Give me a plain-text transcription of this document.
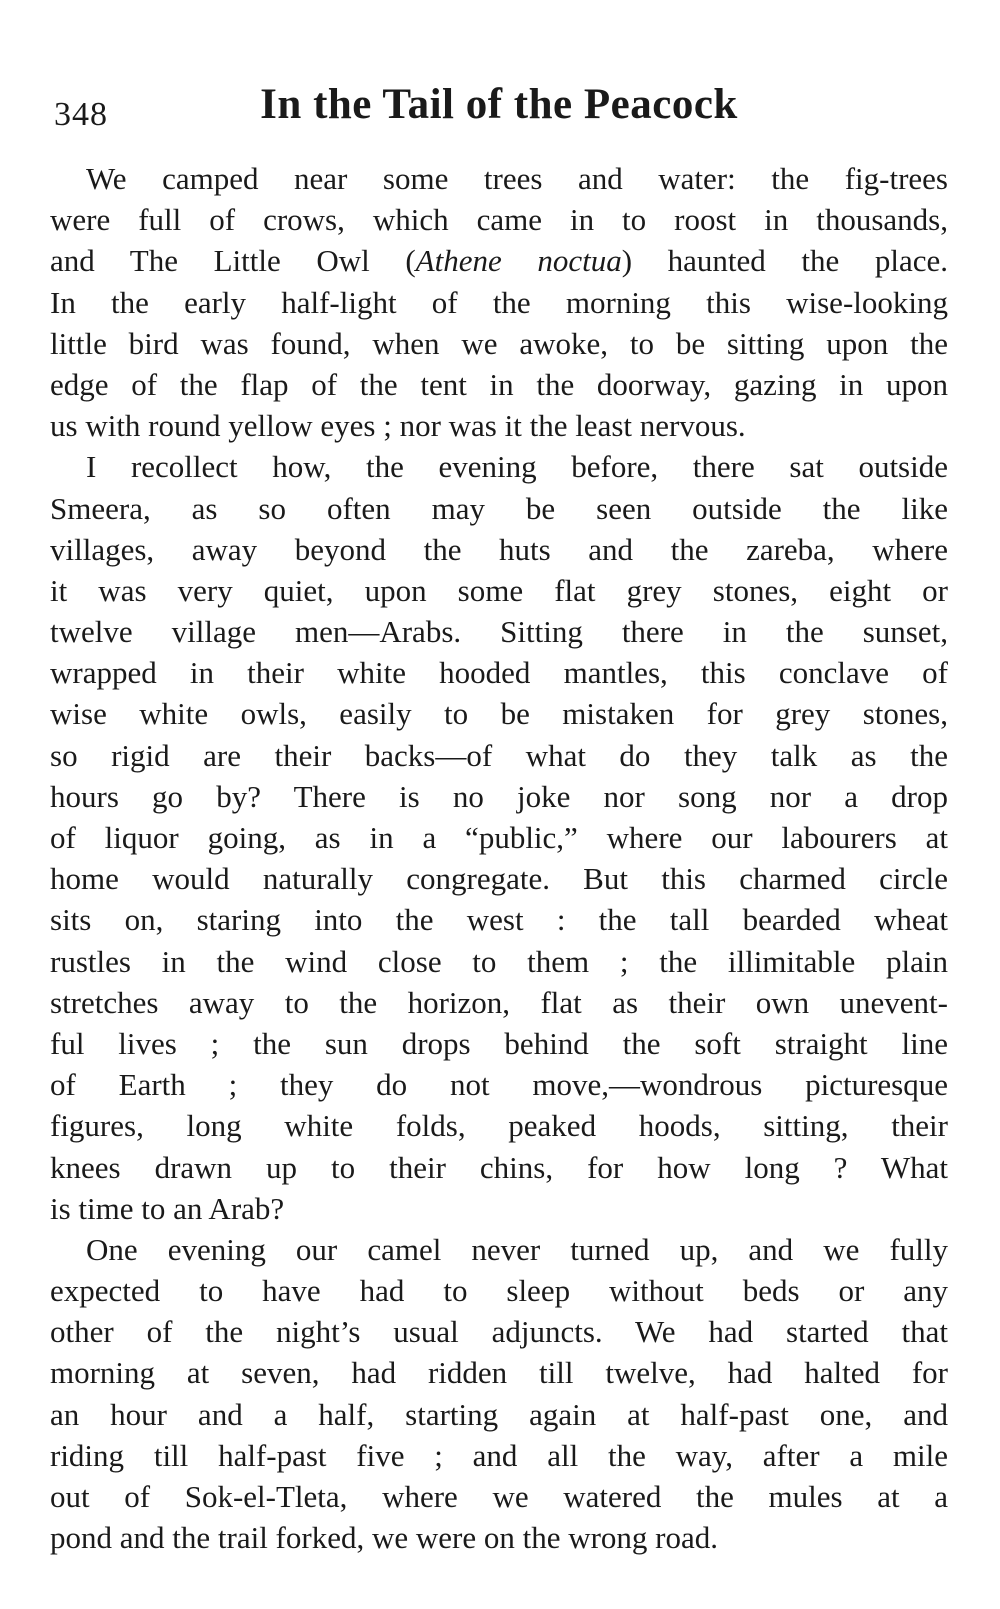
348	In the Tail of the Peacock
We camped near some trees and water: the fig-trees
were full of crows, which came in to roost in thousands,
and The Little Owl (Athene noctua) haunted the place.
In the early half-light of the morning this wise-looking
little bird was found, when we awoke, to be sitting upon the
edge of the flap of the tent in the doorway, gazing in upon
us with round yellow eyes ; nor was it the least nervous.
I recollect how, the evening before, there sat outside
Smeera, as so often may be seen outside the like
villages, away beyond the huts and the zareba, where
it was very quiet, upon some flat grey stones, eight or
twelve village men—Arabs. Sitting there in the sunset,
wrapped in their white hooded mantles, this conclave of
wise white owls, easily to be mistaken for grey stones,
so rigid are their backs—of what do they talk as the
hours go by? There is no joke nor song nor a drop
of liquor going, as in a “public,” where our labourers at
home would naturally congregate. But this charmed circle
sits on, staring into the west : the tall bearded wheat
rustles in the wind close to them ; the illimitable plain
stretches away to the horizon, flat as their own unevent-
ful lives ; the sun drops behind the soft straight line
of Earth ; they do not move,—wondrous picturesque
figures, long white folds, peaked hoods, sitting, their
knees drawn up to their chins, for how long ? What
is time to an Arab?
One evening our camel never turned up, and we fully
expected to have had to sleep without beds or any
other of the night’s usual adjuncts. We had started that
morning at seven, had ridden till twelve, had halted for
an hour and a half, starting again at half-past one, and
riding till half-past five ; and all the way, after a mile
out of Sok-el-Tleta, where we watered the mules at a
pond and the trail forked, we were on the wrong road.
